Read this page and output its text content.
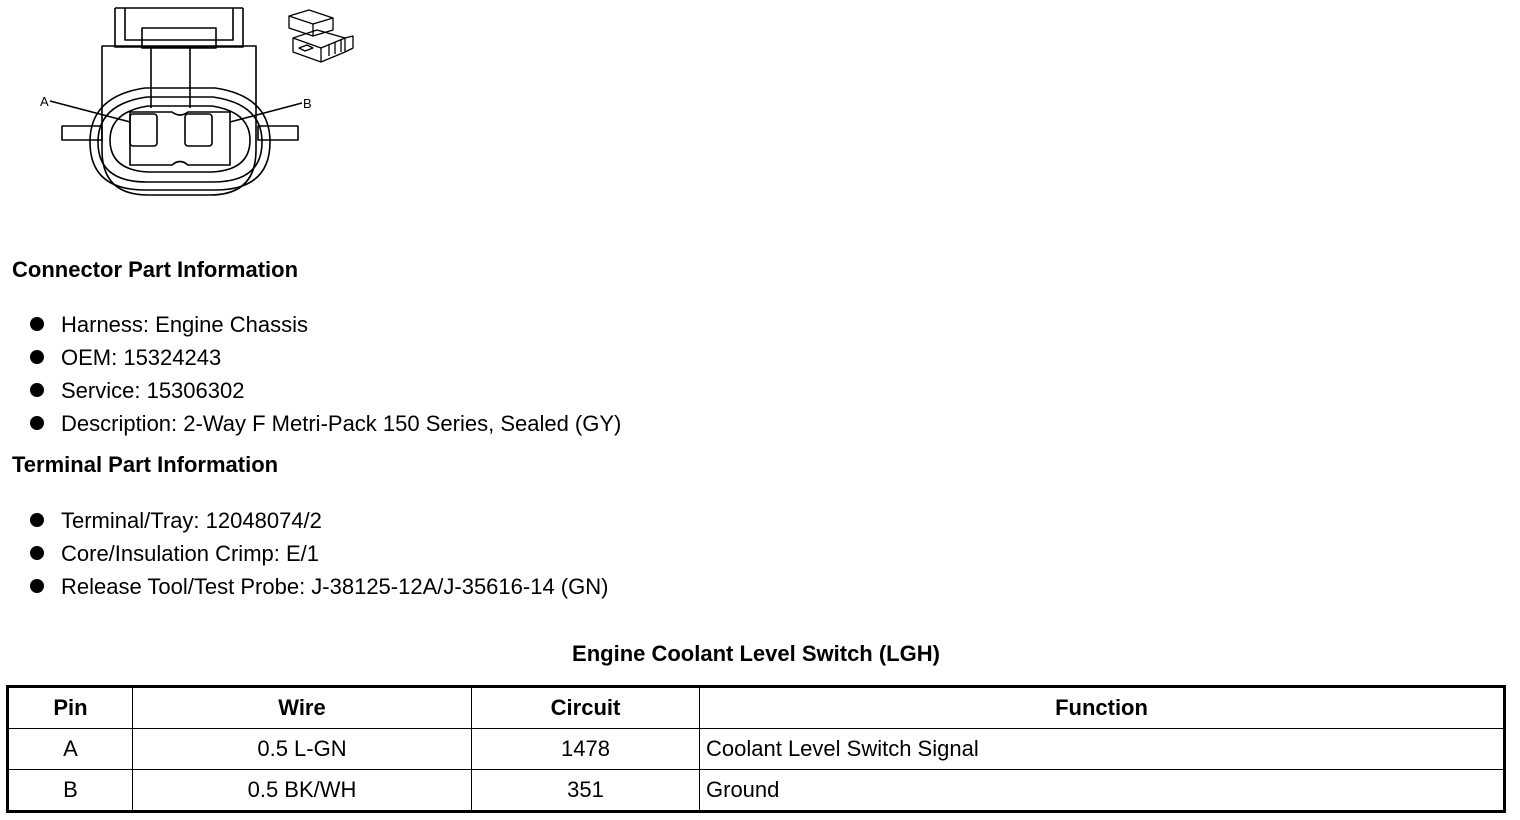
A	B
Connector Part Information
Harness: Engine Chassis
OEM: 15324243
Service: 15306302
Description: 2-Way F Metri-Pack 150 Series, Sealed (GY)
Terminal Part Information
Terminal/Tray: 12048074/2
Core/Insulation Crimp: E/1
Release Tool/Test Probe: J-38125-12A/J-35616-14 (GN)
Engine Coolant Level Switch (LGH)
Pin	Wire	Circuit	Function
A	0.5 L-GN	1478	Coolant Level Switch Signal
B	0.5 BK/WH	351	Ground
